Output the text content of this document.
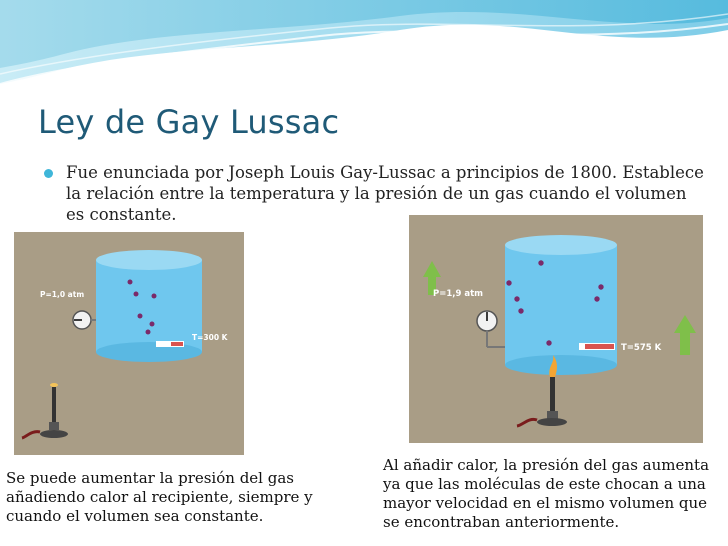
Ley de Gay Lussac
Fue enunciada por Joseph Louis Gay-Lussac a principios de 1800. Establece la relación entre la temperatura y la presión de un gas cuando el volumen es constante.
P=1,0 atm
T=300 K
P=1,9 atm
T=575 K
Se puede aumentar la presión del gas añadiendo calor al recipiente, siempre y cuando el volumen sea constante.
Al añadir calor, la presión del gas aumenta ya que las moléculas de este chocan a una mayor velocidad en el mismo volumen que se encontraban anteriormente.
